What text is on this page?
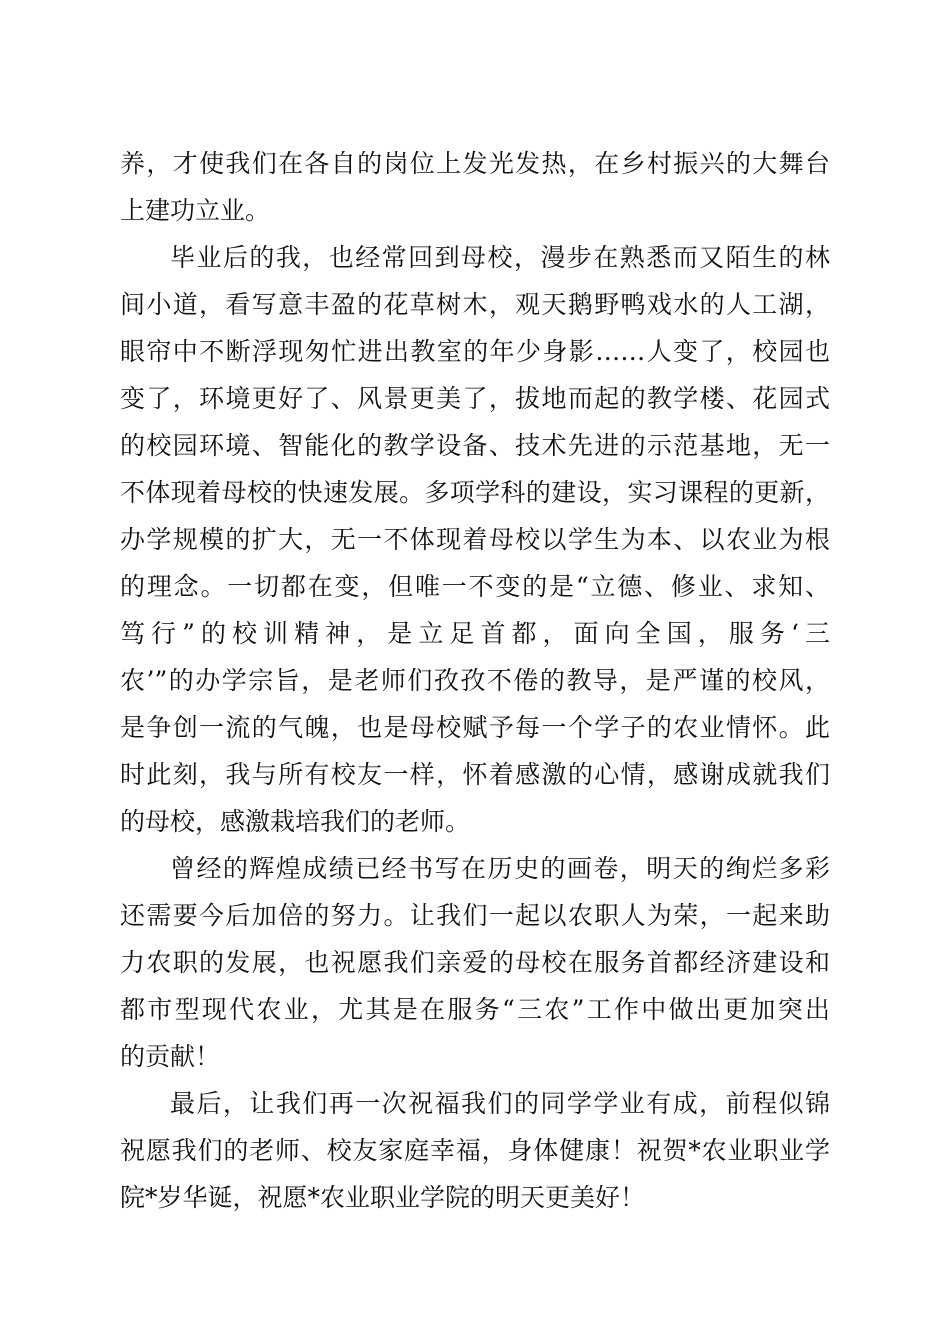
养，才使我们在各自的岗位上发光发热，在乡村振兴的大舞台
上建功立业。
毕业后的我，也经常回到母校，漫步在熟悉而又陌生的林
间小道，看写意丰盈的花草树木，观天鹅野鸭戏水的人工湖，
眼帘中不断浮现匆忙进出教室的年少身影……人变了，校园也
变了，环境更好了、风景更美了，拔地而起的教学楼、花园式
的校园环境、智能化的教学设备、技术先进的示范基地，无一
不体现着母校的快速发展。多项学科的建设，实习课程的更新，
办学规模的扩大，无一不体现着母校以学生为本、以农业为根
的理念。一切都在变，但唯一不变的是“立德、修业、求知、
笃行”的校训精神，是立足首都，面向全国，服务‘三
农’”的办学宗旨，是老师们孜孜不倦的教导，是严谨的校风，
是争创一流的气魄，也是母校赋予每一个学子的农业情怀。此
时此刻，我与所有校友一样，怀着感激的心情，感谢成就我们
的母校，感激栽培我们的老师。
曾经的辉煌成绩已经书写在历史的画卷，明天的绚烂多彩
还需要今后加倍的努力。让我们一起以农职人为荣，一起来助
力农职的发展，也祝愿我们亲爱的母校在服务首都经济建设和
都市型现代农业，尤其是在服务“三农”工作中做出更加突出
的贡献！
最后，让我们再一次祝福我们的同学学业有成，前程似锦
祝愿我们的老师、校友家庭幸福，身体健康！祝贺*农业职业学
院*岁华诞，祝愿*农业职业学院的明天更美好！
